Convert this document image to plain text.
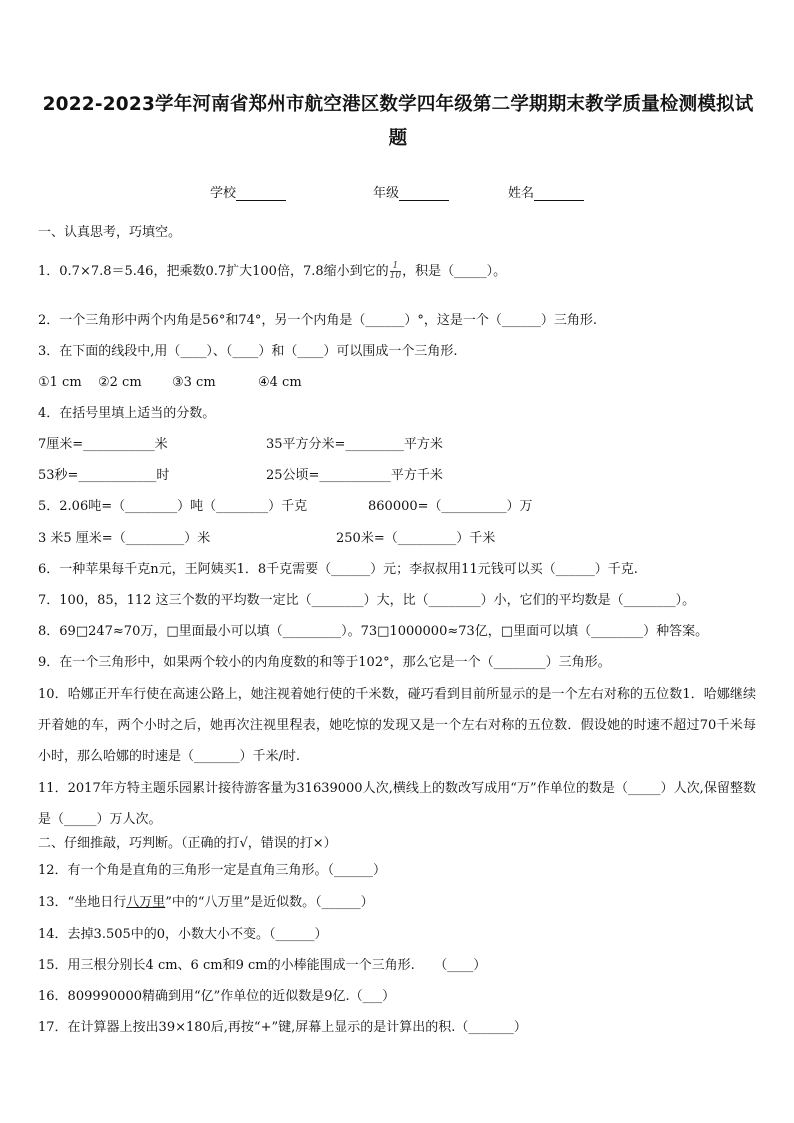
2022-2023学年河南省郑州市航空港区数学四年级第二学期期末教学质量检测模拟试题
学校	年级	姓名
一、认真思考，巧填空。
1．0.7×7.8＝5.46，把乘数0.7扩大100倍，7.8缩小到它的 $\frac{1}{10}$ ，积是（_____）。
2．一个三角形中两个内角是56°和74°，另一个内角是（______）°，这是一个（______）三角形.
3．在下面的线段中,用（____）、（____）和（____）可以围成一个三角形.
①1 cm ②2 cm ③3 cm	④4 cm
4．在括号里填上适当的分数。
7厘米=___________米	35平方分米=_________平方米
53秒=____________时	25公顷=___________平方千米
5．2.06吨=（________）吨（________）千克	860000=（__________）万
3 米5 厘米=（_________）米	250米=（_________）千米
6．一种苹果每千克n元，王阿姨买1．8千克需要（______）元；李叔叔用11元钱可以买（______）千克.
7．100，85，112 这三个数的平均数一定比（________）大，比（________）小，它们的平均数是（________）。
8．69□247≈70万，□里面最小可以填（_________）。73□1000000≈73亿，□里面可以填（________）种答案。
9．在一个三角形中，如果两个较小的内角度数的和等于102°，那么它是一个（________）三角形。
10．哈娜正开车行使在高速公路上，她注视着她行使的千米数，碰巧看到目前所显示的是一个左右对称的五位数1．哈娜继续开着她的车，两个小时之后，她再次注视里程表，她吃惊的发现又是一个左右对称的五位数．假设她的时速不超过70千米每小时，那么哈娜的时速是（_______）千米/时.
11．2017年方特主题乐园累计接待游客量为31639000人次,横线上的数改写成用“万”作单位的数是（_____）人次,保留整数是（_____）万人次。
二、仔细推敲，巧判断。（正确的打√，错误的打×）
12．有一个角是直角的三角形一定是直角三角形。（______）
13．“坐地日行八万里”中的“八万里”是近似数。（______）
14．去掉3.505中的0，小数大小不变。（______）
15．用三根分别长4 cm、6 cm和9 cm的小棒能围成一个三角形.　　（____）
16．809990000精确到用“亿”作单位的近似数是9亿.（___）
17．在计算器上按出39×180后,再按“+”键,屏幕上显示的是计算出的积.（_______）
